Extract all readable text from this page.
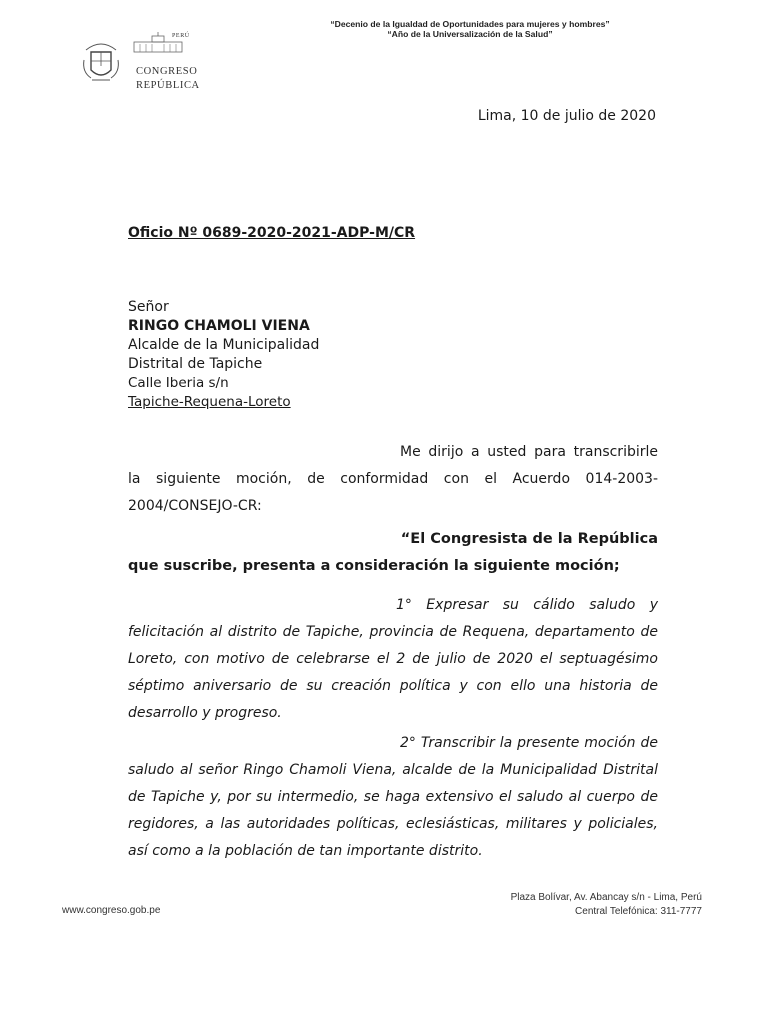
“Decenio de la Igualdad de Oportunidades para mujeres y hombres”
“Año de la Universalización de la Salud”
PERÚ
CONGRESO
REPÚBLICA
Lima, 10 de julio de 2020
Oficio Nº 0689-2020-2021-ADP-M/CR
Señor
RINGO CHAMOLI VIENA
Alcalde de la Municipalidad
Distrital de Tapiche
Calle Iberia s/n
Tapiche-Requena-Loreto
Me dirijo a usted para transcribirle la siguiente moción, de conformidad con el Acuerdo 014-2003-2004/CONSEJO-CR:
“El Congresista de la República
que suscribe, presenta a consideración la siguiente moción;
1° Expresar su cálido saludo y felicitación al distrito de Tapiche, provincia de Requena, departamento de Loreto, con motivo de celebrarse el 2 de julio de 2020 el septuagésimo séptimo aniversario de su creación política y con ello una historia de desarrollo y progreso.
2° Transcribir la presente moción de saludo al señor Ringo Chamoli Viena, alcalde de la Municipalidad Distrital de Tapiche y, por su intermedio, se haga extensivo el saludo al cuerpo de regidores, a las autoridades políticas, eclesiásticas, militares y policiales, así como a la población de tan importante distrito.
www.congreso.gob.pe
Plaza Bolívar, Av. Abancay s/n - Lima, Perú
Central Telefónica: 311-7777
